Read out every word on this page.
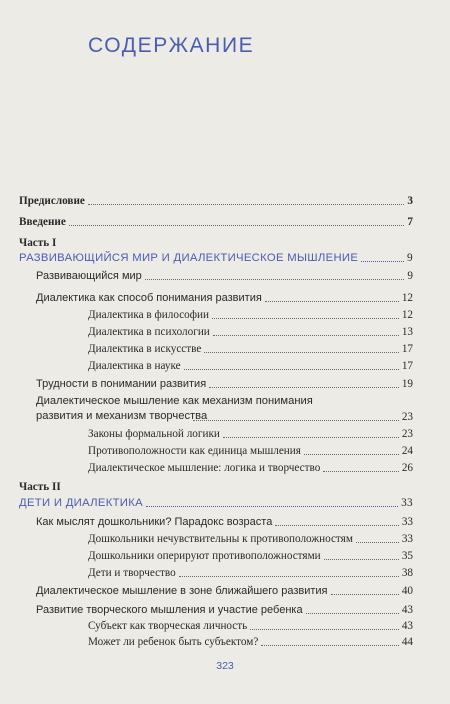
СОДЕРЖАНИЕ
Предисловие	3
Введение	7
Часть I
РАЗВИВАЮЩИЙСЯ МИР И ДИАЛЕКТИЧЕСКОЕ МЫШЛЕНИЕ	9
Развивающийся мир	9
Диалектика как способ понимания развития	12
Диалектика в философии	12
Диалектика в психологии	13
Диалектика в искусстве	17
Диалектика в науке	17
Трудности в понимании развития	19
Диалектическое мышление как механизм понимания
развития и механизм творчества	23
Законы формальной логики	23
Противоположности как единица мышления	24
Диалектическое мышление: логика и творчество	26
Часть II
ДЕТИ И ДИАЛЕКТИКА	33
Как мыслят дошкольники? Парадокс возраста	33
Дошкольники нечувствительны к противоположностям	33
Дошкольники оперируют противоположностями	35
Дети и творчество	38
Диалектическое мышление в зоне ближайшего развития	40
Развитие творческого мышления и участие ребенка	43
Субъект как творческая личность	43
Может ли ребенок быть субъектом?	44
323
